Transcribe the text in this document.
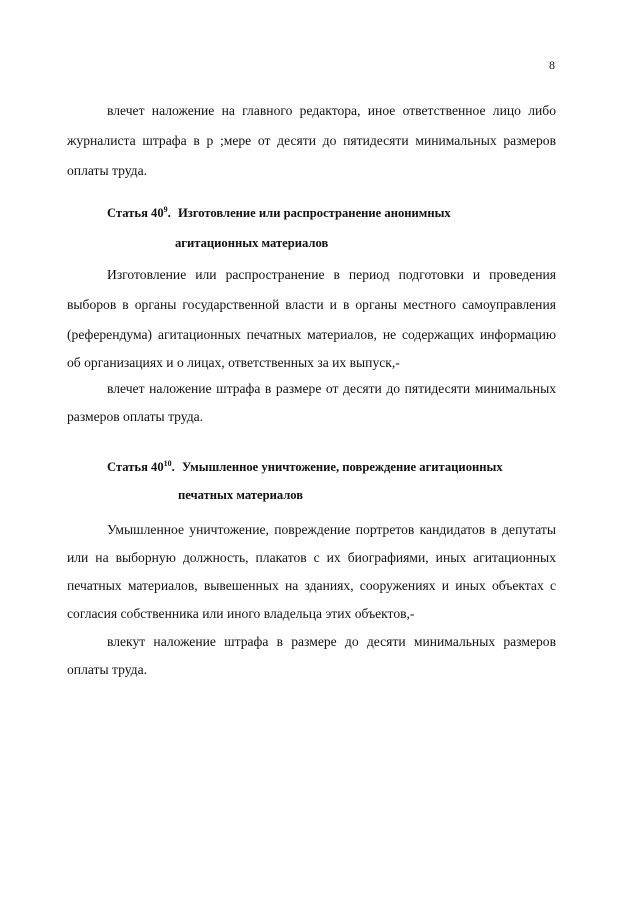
8
влечет наложение на главного редактора, иное ответственное лицо либо
журналиста штрафа в р ;мере от десяти до пятидесяти минимальных размеров
оплаты труда.
Статья $40^9$. Изготовление или распространение анонимных
агитационных материалов
Изготовление или распространение в период подготовки и проведения
выборов в органы государственной власти и в органы местного самоуправления
(референдума) агитационных печатных материалов, не содержащих информацию
об организациях и о лицах, ответственных за их выпуск,-
влечет наложение штрафа в размере от десяти до пятидесяти минимальных
размеров оплаты труда.
Статья $40^{10}$. Умышленное уничтожение, повреждение агитационных
печатных материалов
Умышленное уничтожение, повреждение портретов кандидатов в депутаты
или на выборную должность, плакатов с их биографиями, иных агитационных
печатных материалов, вывешенных на зданиях, сооружениях и иных объектах с
согласия собственника или иного владельца этих объектов,-
влекут наложение штрафа в размере до десяти минимальных размеров
оплаты труда.
